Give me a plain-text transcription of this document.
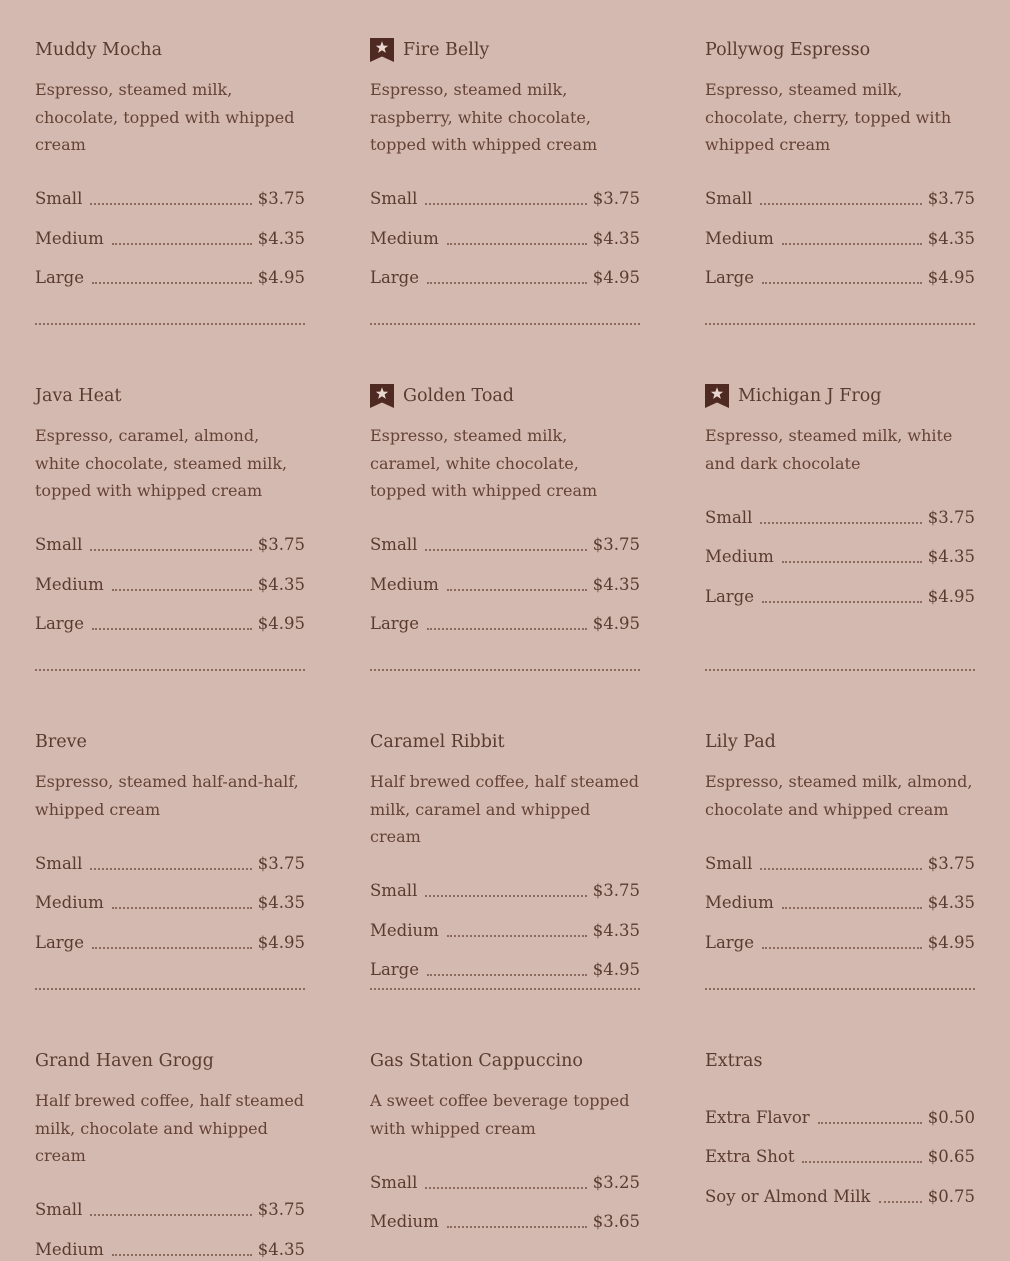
Muddy Mocha
Espresso, steamed milk, chocolate, topped with whipped cream
Small	$3.75
Medium	$4.35
Large	$4.95
Fire Belly
Espresso, steamed milk, raspberry, white chocolate, topped with whipped cream
Small	$3.75
Medium	$4.35
Large	$4.95
Pollywog Espresso
Espresso, steamed milk, chocolate, cherry, topped with whipped cream
Small	$3.75
Medium	$4.35
Large	$4.95
Java Heat
Espresso, caramel, almond, white chocolate, steamed milk, topped with whipped cream
Small	$3.75
Medium	$4.35
Large	$4.95
Golden Toad
Espresso, steamed milk, caramel, white chocolate, topped with whipped cream
Small	$3.75
Medium	$4.35
Large	$4.95
Michigan J Frog
Espresso, steamed milk, white and dark chocolate
Small	$3.75
Medium	$4.35
Large	$4.95
Breve
Espresso, steamed half-and-half, whipped cream
Small	$3.75
Medium	$4.35
Large	$4.95
Caramel Ribbit
Half brewed coffee, half steamed milk, caramel and whipped cream
Small	$3.75
Medium	$4.35
Large	$4.95
Lily Pad
Espresso, steamed milk, almond, chocolate and whipped cream
Small	$3.75
Medium	$4.35
Large	$4.95
Grand Haven Grogg
Half brewed coffee, half steamed milk, chocolate and whipped cream
Small	$3.75
Medium	$4.35
Gas Station Cappuccino
A sweet coffee beverage topped with whipped cream
Small	$3.25
Medium	$3.65
Extras
Extra Flavor	$0.50
Extra Shot	$0.65
Soy or Almond Milk	$0.75
